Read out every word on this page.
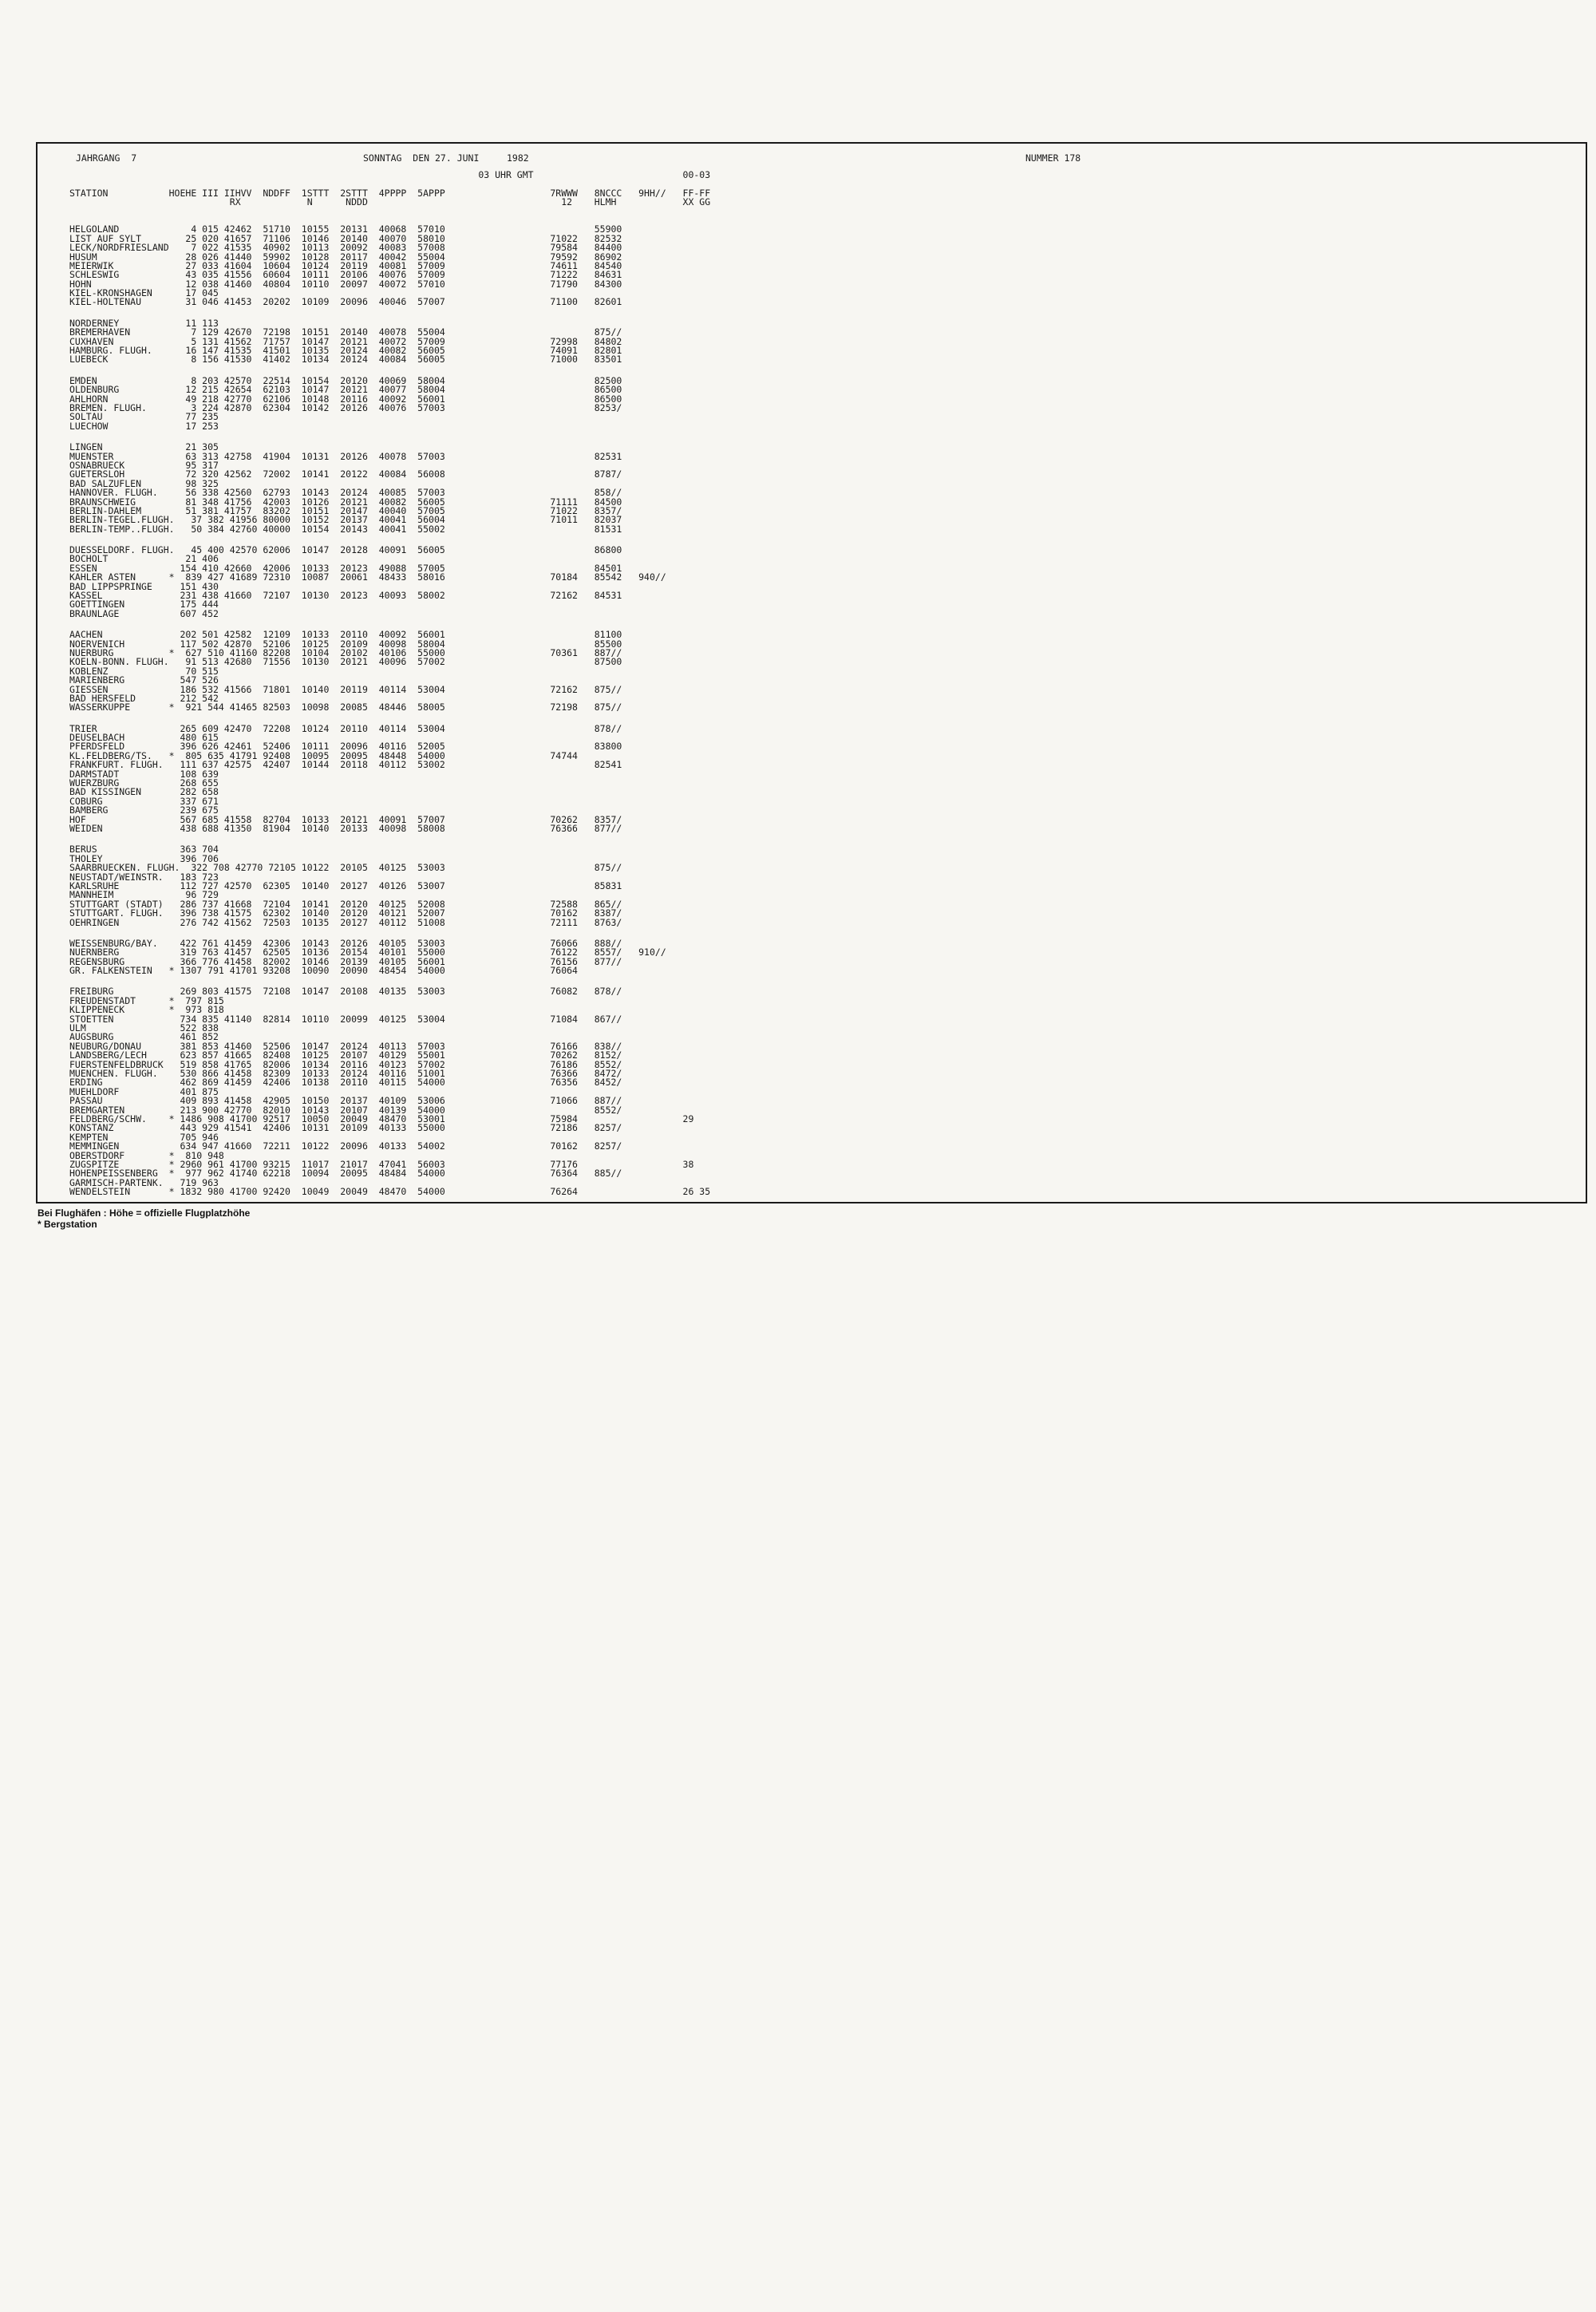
JAHRGANG  7	SONNTAG  DEN 27. JUNI     1982	NUMMER 178
03 UHR GMT                           00-03
STATION           HOEHE III IIHVV  NDDFF  1STTT  2STTT  4PPPP  5APPP                   7RWWW   8NCCC   9HH//   FF-FF
RX            N      NDDD                                   12    HLMH            XX GG
HELGOLAND             4 015 42462  51710  10155  20131  40068  57010                           55900
LIST AUF SYLT        25 020 41657  71106  10146  20140  40070  58010                   71022   82532
LECK/NORDFRIESLAND    7 022 41535  40902  10113  20092  40083  57008                   79584   84400
HUSUM                28 026 41440  59902  10128  20117  40042  55004                   79592   86902
MEIERWIK             27 033 41604  10604  10124  20119  40081  57009                   74611   84540
SCHLESWIG            43 035 41556  60604  10111  20106  40076  57009                   71222   84631
HOHN                 12 038 41460  40804  10110  20097  40072  57010                   71790   84300
KIEL-KRONSHAGEN      17 045
KIEL-HOLTENAU        31 046 41453  20202  10109  20096  40046  57007                   71100   82601
NORDERNEY            11 113
BREMERHAVEN           7 129 42670  72198  10151  20140  40078  55004                           875//
CUXHAVEN              5 131 41562  71757  10147  20121  40072  57009                   72998   84802
HAMBURG. FLUGH.      16 147 41535  41501  10135  20124  40082  56005                   74091   82801
LUEBECK               8 156 41530  41402  10134  20124  40084  56005                   71000   83501
EMDEN                 8 203 42570  22514  10154  20120  40069  58004                           82500
OLDENBURG            12 215 42654  62103  10147  20121  40077  58004                           86500
AHLHORN              49 218 42770  62106  10148  20116  40092  56001                           86500
BREMEN. FLUGH.        3 224 42870  62304  10142  20126  40076  57003                           8253/
SOLTAU               77 235
LUECHOW              17 253
LINGEN               21 305
MUENSTER             63 313 42758  41904  10131  20126  40078  57003                           82531
OSNABRUECK           95 317
GUETERSLOH           72 320 42562  72002  10141  20122  40084  56008                           8787/
BAD SALZUFLEN        98 325
HANNOVER. FLUGH.     56 338 42560  62793  10143  20124  40085  57003                           858//
BRAUNSCHWEIG         81 348 41756  42003  10126  20121  40082  56005                   71111   84500
BERLIN-DAHLEM        51 381 41757  83202  10151  20147  40040  57005                   71022   8357/
BERLIN-TEGEL.FLUGH.   37 382 41956 80000  10152  20137  40041  56004                   71011   82037
BERLIN-TEMP..FLUGH.   50 384 42760 40000  10154  20143  40041  55002                           81531
DUESSELDORF. FLUGH.   45 400 42570 62006  10147  20128  40091  56005                           86800
BOCHOLT              21 406
ESSEN               154 410 42660  42006  10133  20123  49088  57005                           84501
KAHLER ASTEN      *  839 427 41689 72310  10087  20061  48433  58016                   70184   85542   940//
BAD LIPPSPRINGE     151 430
KASSEL              231 438 41660  72107  10130  20123  40093  58002                   72162   84531
GOETTINGEN          175 444
BRAUNLAGE           607 452
AACHEN              202 501 42582  12109  10133  20110  40092  56001                           81100
NOERVENICH          117 502 42870  52106  10125  20109  40098  58004                           85500
NUERBURG          *  627 510 41160 82208  10104  20102  40106  55000                   70361   887//
KOELN-BONN. FLUGH.   91 513 42680  71556  10130  20121  40096  57002                           87500
KOBLENZ              70 515
MARIENBERG          547 526
GIESSEN             186 532 41566  71801  10140  20119  40114  53004                   72162   875//
BAD HERSFELD        212 542
WASSERKUPPE       *  921 544 41465 82503  10098  20085  48446  58005                   72198   875//
TRIER               265 609 42470  72208  10124  20110  40114  53004                           878//
DEUSELBACH          480 615
PFERDSFELD          396 626 42461  52406  10111  20096  40116  52005                           83800
KL.FELDBERG/TS.   *  805 635 41791 92408  10095  20095  48448  54000                   74744
FRANKFURT. FLUGH.   111 637 42575  42407  10144  20118  40112  53002                           82541
DARMSTADT           108 639
WUERZBURG           268 655
BAD KISSINGEN       282 658
COBURG              337 671
BAMBERG             239 675
HOF                 567 685 41558  82704  10133  20121  40091  57007                   70262   8357/
WEIDEN              438 688 41350  81904  10140  20133  40098  58008                   76366   877//
BERUS               363 704
THOLEY              396 706
SAARBRUECKEN. FLUGH.  322 708 42770 72105 10122  20105  40125  53003                           875//
NEUSTADT/WEINSTR.   183 723
KARLSRUHE           112 727 42570  62305  10140  20127  40126  53007                           85831
MANNHEIM             96 729
STUTTGART (STADT)   286 737 41668  72104  10141  20120  40125  52008                   72588   865//
STUTTGART. FLUGH.   396 738 41575  62302  10140  20120  40121  52007                   70162   8387/
OEHRINGEN           276 742 41562  72503  10135  20127  40112  51008                   72111   8763/
WEISSENBURG/BAY.    422 761 41459  42306  10143  20126  40105  53003                   76066   888//
NUERNBERG           319 763 41457  62505  10136  20154  40101  55000                   76122   8557/   910//
REGENSBURG          366 776 41458  82002  10146  20139  40105  56001                   76156   877//
GR. FALKENSTEIN   * 1307 791 41701 93208  10090  20090  48454  54000                   76064
FREIBURG            269 803 41575  72108  10147  20108  40135  53003                   76082   878//
FREUDENSTADT      *  797 815
KLIPPENECK        *  973 818
STOETTEN            734 835 41140  82814  10110  20099  40125  53004                   71084   867//
ULM                 522 838
AUGSBURG            461 852
NEUBURG/DONAU       381 853 41460  52506  10147  20124  40113  57003                   76166   838//
LANDSBERG/LECH      623 857 41665  82408  10125  20107  40129  55001                   70262   8152/
FUERSTENFELDBRUCK   519 858 41765  82006  10134  20116  40123  57002                   76186   8552/
MUENCHEN. FLUGH.    530 866 41458  82309  10133  20124  40116  51001                   76366   8472/
ERDING              462 869 41459  42406  10138  20110  40115  54000                   76356   8452/
MUEHLDORF           401 875
PASSAU              409 893 41458  42905  10150  20137  40109  53006                   71066   887//
BREMGARTEN          213 900 42770  82010  10143  20107  40139  54000                           8552/
FELDBERG/SCHW.    * 1486 908 41700 92517  10050  20049  48470  53001                   75984                   29
KONSTANZ            443 929 41541  42406  10131  20109  40133  55000                   72186   8257/
KEMPTEN             705 946
MEMMINGEN           634 947 41660  72211  10122  20096  40133  54002                   70162   8257/
OBERSTDORF        *  810 948
ZUGSPITZE         * 2960 961 41700 93215  11017  21017  47041  56003                   77176                   38
HOHENPEISSENBERG  *  977 962 41740 62218  10094  20095  48484  54000                   76364   885//
GARMISCH-PARTENK.   719 963
WENDELSTEIN       * 1832 980 41700 92420  10049  20049  48470  54000                   76264                   26 35
Bei Flughäfen : Höhe = offizielle Flugplatzhöhe
* Bergstation
